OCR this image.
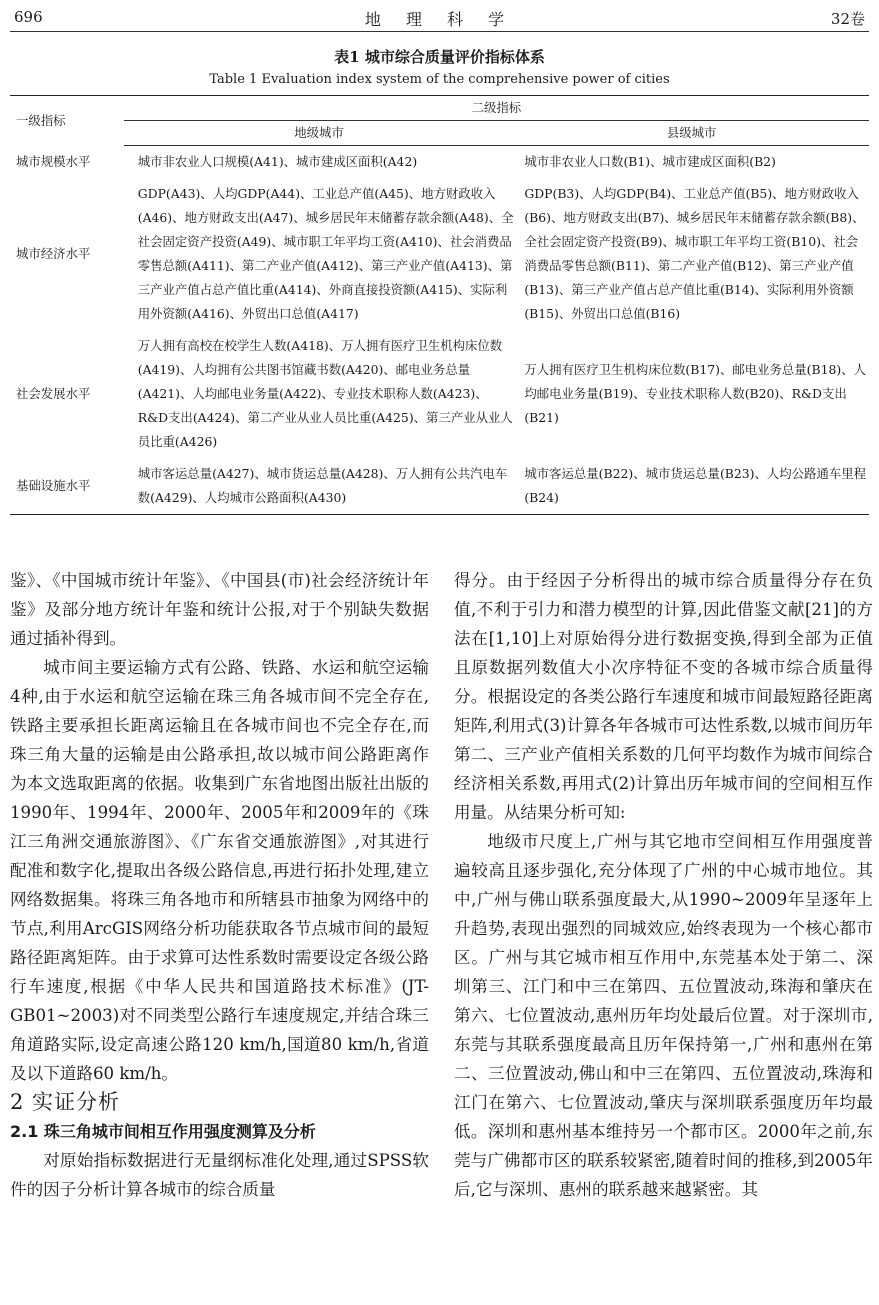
696	地 理 科 学	32卷
表1 城市综合质量评价指标体系
Table 1 Evaluation index system of the comprehensive power of cities
一级指标	二级指标	
	地级城市	县级城市
城市规模水平	城市非农业人口规模(A41)、城市建成区面积(A42)	城市非农业人口数(B1)、城市建成区面积(B2)
城市经济水平	GDP(A43)、人均GDP(A44)、工业总产值(A45)、地方财政收入(A46)、地方财政支出(A47)、城乡居民年末储蓄存款余额(A48)、全社会固定资产投资(A49)、城市职工年平均工资(A410)、社会消费品零售总额(A411)、第二产业产值(A412)、第三产业产值(A413)、第三产业产值占总产值比重(A414)、外商直接投资额(A415)、实际利用外资额(A416)、外贸出口总值(A417)	GDP(B3)、人均GDP(B4)、工业总产值(B5)、地方财政收入(B6)、地方财政支出(B7)、城乡居民年末储蓄存款余额(B8)、全社会固定资产投资(B9)、城市职工年平均工资(B10)、社会消费品零售总额(B11)、第二产业产值(B12)、第三产业产值(B13)、第三产业产值占总产值比重(B14)、实际利用外资额(B15)、外贸出口总值(B16)
社会发展水平	万人拥有高校在校学生人数(A418)、万人拥有医疗卫生机构床位数(A419)、人均拥有公共图书馆藏书数(A420)、邮电业务总量(A421)、人均邮电业务量(A422)、专业技术职称人数(A423)、R&D支出(A424)、第二产业从业人员比重(A425)、第三产业从业人员比重(A426)	万人拥有医疗卫生机构床位数(B17)、邮电业务总量(B18)、人均邮电业务量(B19)、专业技术职称人数(B20)、R&D支出(B21)
基础设施水平	城市客运总量(A427)、城市货运总量(A428)、万人拥有公共汽电车数(A429)、人均城市公路面积(A430)	城市客运总量(B22)、城市货运总量(B23)、人均公路通车里程(B24)

鉴》、《中国城市统计年鉴》、《中国县(市)社会经济统计年鉴》及部分地方统计年鉴和统计公报,对于个别缺失数据通过插补得到。

城市间主要运输方式有公路、铁路、水运和航空运输4种,由于水运和航空运输在珠三角各城市间不完全存在,铁路主要承担长距离运输且在各城市间也不完全存在,而珠三角大量的运输是由公路承担,故以城市间公路距离作为本文选取距离的依据。收集到广东省地图出版社出版的1990年、1994年、2000年、2005年和2009年的《珠江三角洲交通旅游图》、《广东省交通旅游图》,对其进行配准和数字化,提取出各级公路信息,再进行拓扑处理,建立网络数据集。将珠三角各地市和所辖县市抽象为网络中的节点,利用ArcGIS网络分析功能获取各节点城市间的最短路径距离矩阵。由于求算可达性系数时需要设定各级公路行车速度,根据《中华人民共和国道路技术标准》(JT-GB01~2003)对不同类型公路行车速度规定,并结合珠三角道路实际,设定高速公路120 km/h,国道80 km/h,省道及以下道路60 km/h。

2 实证分析

2.1 珠三角城市间相互作用强度测算及分析

对原始指标数据进行无量纲标准化处理,通过SPSS软件的因子分析计算各城市的综合质量

得分。由于经因子分析得出的城市综合质量得分存在负值,不利于引力和潜力模型的计算,因此借鉴文献[21]的方法在[1,10]上对原始得分进行数据变换,得到全部为正值且原数据列数值大小次序特征不变的各城市综合质量得分。根据设定的各类公路行车速度和城市间最短路径距离矩阵,利用式(3)计算各年各城市可达性系数,以城市间历年第二、三产业产值相关系数的几何平均数作为城市间综合经济相关系数,再用式(2)计算出历年城市间的空间相互作用量。从结果分析可知:

地级市尺度上,广州与其它地市空间相互作用强度普遍较高且逐步强化,充分体现了广州的中心城市地位。其中,广州与佛山联系强度最大,从1990~2009年呈逐年上升趋势,表现出强烈的同城效应,始终表现为一个核心都市区。广州与其它城市相互作用中,东莞基本处于第二、深圳第三、江门和中三在第四、五位置波动,珠海和肇庆在第六、七位置波动,惠州历年均处最后位置。对于深圳市,东莞与其联系强度最高且历年保持第一,广州和惠州在第二、三位置波动,佛山和中三在第四、五位置波动,珠海和江门在第六、七位置波动,肇庆与深圳联系强度历年均最低。深圳和惠州基本维持另一个都市区。2000年之前,东莞与广佛都市区的联系较紧密,随着时间的推移,到2005年后,它与深圳、惠州的联系越来越紧密。其
